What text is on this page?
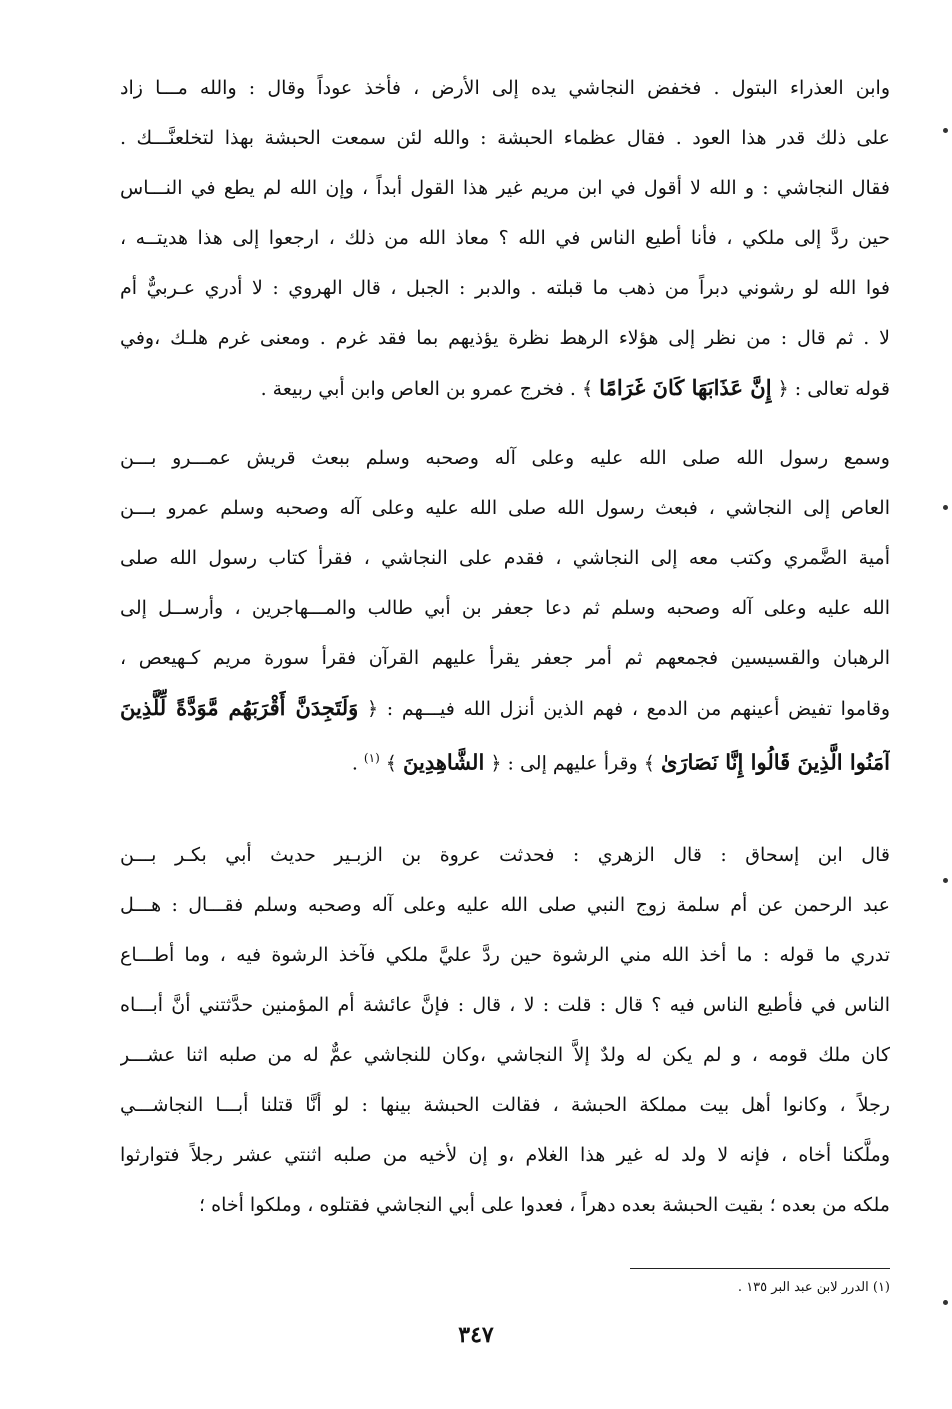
وابن العذراء البتول . فخفض النجاشي يده إلى الأرض ، فأخذ عوداً وقال : والله مـــا زاد
على ذلك قدر هذا العود . فقال عظماء الحبشة : والله لئن سمعت الحبشة بهذا لتخلعنَّـــك .
فقال النجاشي : و الله لا أقول في ابن مريم غير هذا القول أبداً ، وإن الله لم يطع في النـــاس
حين ردَّ إلى ملكي ، فأنا أطيع الناس في الله ؟ معاذ الله من ذلك ، ارجعوا إلى هذا هديتــه ،
فوا الله لو رشوني دبراً من ذهب ما قبلته . والدبر : الجبل ، قال الهروي : لا أدري عـربيٌّ أم
لا . ثم قال : من نظر إلى هؤلاء الرهط نظرة يؤذيهم بما فقد غرم . ومعنى غرم هلـك ،وفي
قوله تعالى : ﴿ إِنَّ عَذَابَهَا كَانَ غَرَامًا ﴾ . فخرج عمرو بن العاص وابن أبي ربيعة .
وسمع رسول الله صلى الله عليه وعلى آله وصحبه وسلم ببعث قريش عمـــرو بـــن
العاص إلى النجاشي ، فبعث رسول الله صلى الله عليه وعلى آله وصحبه وسلم عمرو بـــن
أمية الضَّمري وكتب معه إلى النجاشي ، فقدم على النجاشي ، فقرأ كتاب رسول الله صلى
الله عليه وعلى آله وصحبه وسلم ثم دعا جعفر بن أبي طالب والمـــهاجرين ، وأرســل إلى
الرهبان والقسيسين فجمعهم ثم أمر جعفر يقرأ عليهم القرآن فقرأ سورة مريم كـهيعص ،
وقاموا تفيض أعينهم من الدمع ، فهم الذين أنزل الله فيـــهم : ﴿ وَلَتَجِدَنَّ أَقْرَبَهُم مَّوَدَّةً لِّلَّذِينَ
آمَنُوا الَّذِينَ قَالُوا إِنَّا نَصَارَىٰ ﴾ وقرأ عليهم إلى : ﴿ الشَّاهِدِينَ ﴾ $^{(١)}$ .
قال ابن إسحاق : قال الزهري : فحدثت عروة بن الزبـير حديث أبي بكـر بـــن
عبد الرحمن عن أم سلمة زوج النبي صلى الله عليه وعلى آله وصحبه وسلم فقـــال : هـــل
تدري ما قوله : ما أخذ الله مني الرشوة حين ردَّ عليَّ ملكي فآخذ الرشوة فيه ، وما أطـــاع
الناس في فأطيع الناس فيه ؟ قال : قلت : لا ، قال : فإنَّ عائشة أم المؤمنين حدَّثتني أنَّ أبـــاه
كان ملك قومه ، و لم يكن له ولدٌ إلاَّ النجاشي ،وكان للنجاشي عمٌّ له من صلبه اثنا عشـــر
رجلاً ، وكانوا أهل بيت مملكة الحبشة ، فقالت الحبشة بينها : لو أنَّا قتلنا أبـــا النجاشـــي
وملَّكنا أخاه ، فإنه لا ولد له غير هذا الغلام ،و إن لأخيه من صلبه اثنتي عشر رجلاً فتوارثوا
ملكه من بعده ؛ بقيت الحبشة بعده دهراً ، فعدوا على أبي النجاشي فقتلوه ، وملكوا أخاه ؛
(١) الدرر لابن عبد البر ١٣٥ .
٣٤٧
